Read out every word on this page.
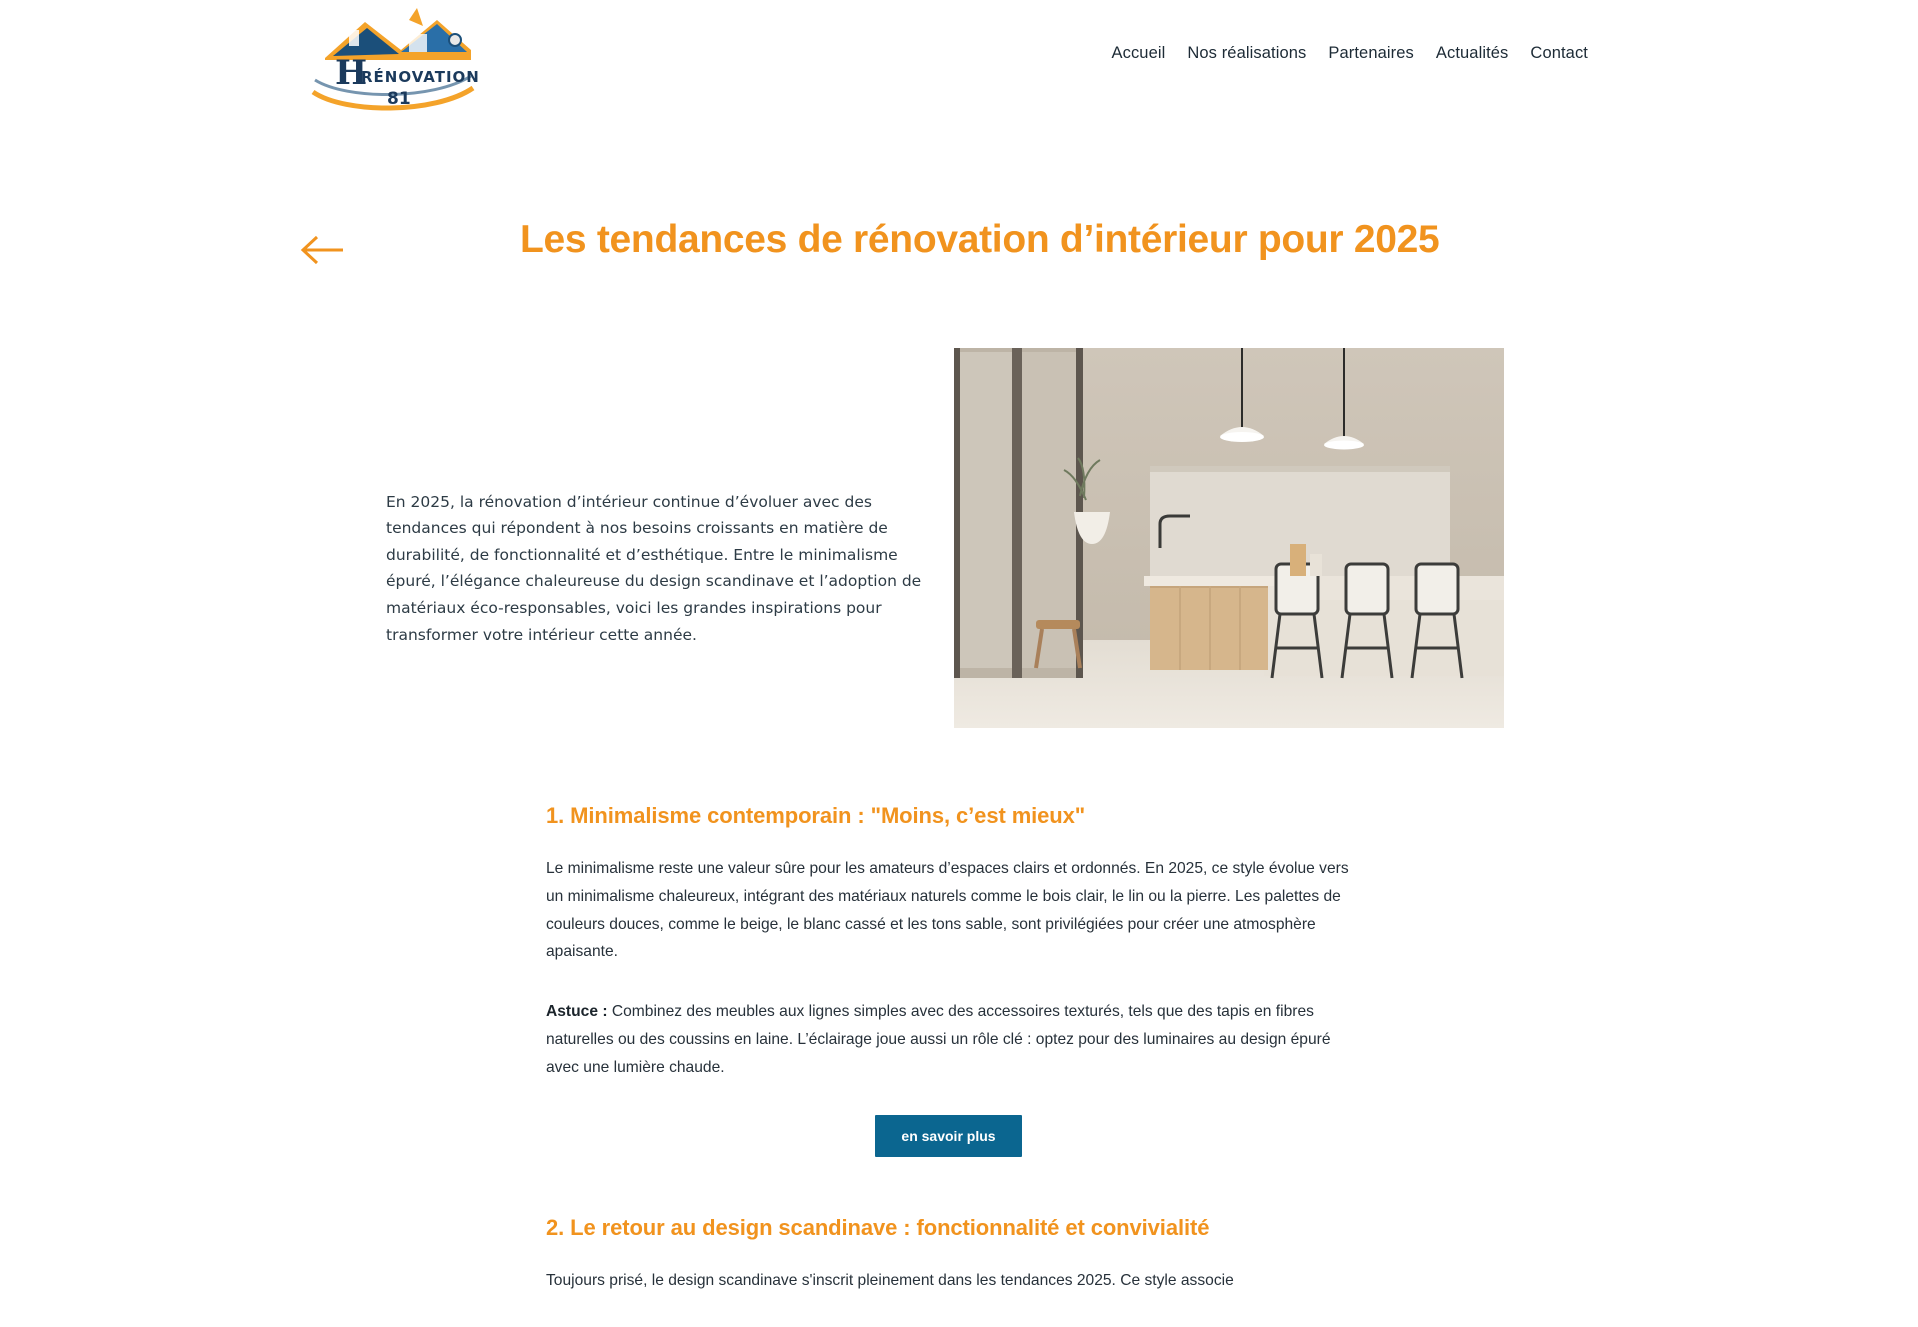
H
RÉNOVATION
81
Accueil Nos réalisations Partenaires Actualités Contact
Les tendances de rénovation d’intérieur pour 2025

En 2025, la rénovation d’intérieur continue d’évoluer avec des tendances qui répondent à nos besoins croissants en matière de durabilité, de fonctionnalité et d’esthétique. Entre le minimalisme épuré, l’élégance chaleureuse du design scandinave et l’adoption de matériaux éco-responsables, voici les grandes inspirations pour transformer votre intérieur cette année.

1. Minimalisme contemporain : "Moins, c’est mieux"

Le minimalisme reste une valeur sûre pour les amateurs d’espaces clairs et ordonnés. En 2025, ce style évolue vers un minimalisme chaleureux, intégrant des matériaux naturels comme le bois clair, le lin ou la pierre. Les palettes de couleurs douces, comme le beige, le blanc cassé et les tons sable, sont privilégiées pour créer une atmosphère apaisante.

Astuce : Combinez des meubles aux lignes simples avec des accessoires texturés, tels que des tapis en fibres naturelles ou des coussins en laine. L’éclairage joue aussi un rôle clé : optez pour des luminaires au design épuré avec une lumière chaude.

en savoir plus
2. Le retour au design scandinave : fonctionnalité et convivialité

Toujours prisé, le design scandinave s'inscrit pleinement dans les tendances 2025. Ce style associe
